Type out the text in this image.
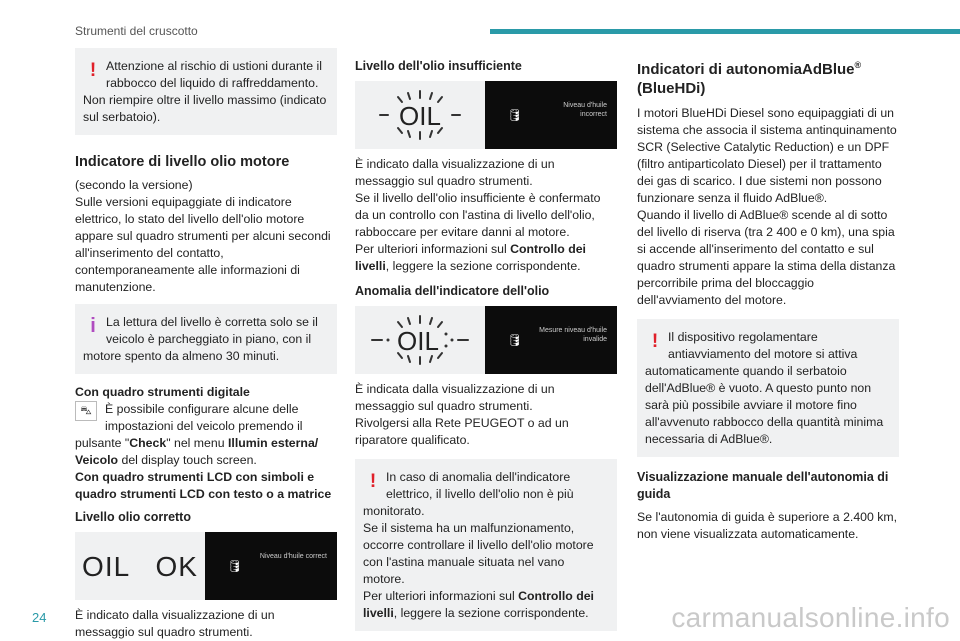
Strumenti del cruscotto
! Attenzione al rischio di ustioni durante il

rabbocco del liquido di raffreddamento.

Non riempire oltre il livello massimo (indicato sul serbatoio).

Indicatore di livello olio motore

(secondo la versione)
Sulle versioni equipaggiate di indicatore elettrico, lo stato del livello dell'olio motore appare sul quadro strumenti per alcuni secondi all'inserimento del contatto, contemporaneamente alle informazioni di manutenzione.

i La lettura del livello è corretta solo se il

veicolo è parcheggiato in piano, con il

motore spento da almeno 30 minuti.

Con quadro strumenti digitale

⛍	È possibile configurare alcune delle

impostazioni del veicolo premendo il

pulsante "Check" nel menu Illumin esterna/ Veicolo del display touch screen.

Con quadro strumenti LCD con simboli e quadro strumenti LCD con testo o a matrice

Livello olio corretto
OIL   OK 🛢
Niveau d'huile correct

È indicato dalla visualizzazione di un messaggio sul quadro strumenti.

Livello dell'olio insufficiente
OIL	🛢
Niveau d'huile incorrect

È indicato dalla visualizzazione di un messaggio sul quadro strumenti.
Se il livello dell'olio insufficiente è confermato da un controllo con l'astina di livello dell'olio, rabboccare per evitare danni al motore.
Per ulteriori informazioni sul Controllo dei livelli, leggere la sezione corrispondente.

Anomalia dell'indicatore dell'olio
OIL	🛢
Mesure niveau d'huile invalide

È indicata dalla visualizzazione di un messaggio sul quadro strumenti.
Rivolgersi alla Rete PEUGEOT o ad un riparatore qualificato.

! In caso di anomalia dell'indicatore

elettrico, il livello dell'olio non è più

monitorato.
Se il sistema ha un malfunzionamento, occorre controllare il livello dell'olio motore con l'astina manuale situata nel vano motore.
Per ulteriori informazioni sul Controllo dei livelli, leggere la sezione corrispondente.

Indicatori di autonomiaAdBlue®
(BlueHDi)

I motori BlueHDi Diesel sono equipaggiati di un sistema che associa il sistema antinquinamento SCR (Selective Catalytic Reduction) e un DPF (filtro antiparticolato Diesel) per il trattamento dei gas di scarico. I due sistemi non possono funzionare senza il fluido AdBlue®.
Quando il livello di AdBlue® scende al di sotto del livello di riserva (tra 2 400 e 0 km), una spia si accende all'inserimento del contatto e sul quadro strumenti appare la stima della distanza percorribile prima del bloccaggio dell'avviamento del motore.

! Il dispositivo regolamentare

antiavviamento del motore si attiva

automaticamente quando il serbatoio dell'AdBlue® è vuoto. A questo punto non sarà più possibile avviare il motore fino all'avvenuto rabbocco della quantità minima necessaria di AdBlue®.

Visualizzazione manuale dell'autonomia di guida

Se l'autonomia di guida è superiore a 2.400 km, non viene visualizzata automaticamente.

24	carmanualsonline.info
